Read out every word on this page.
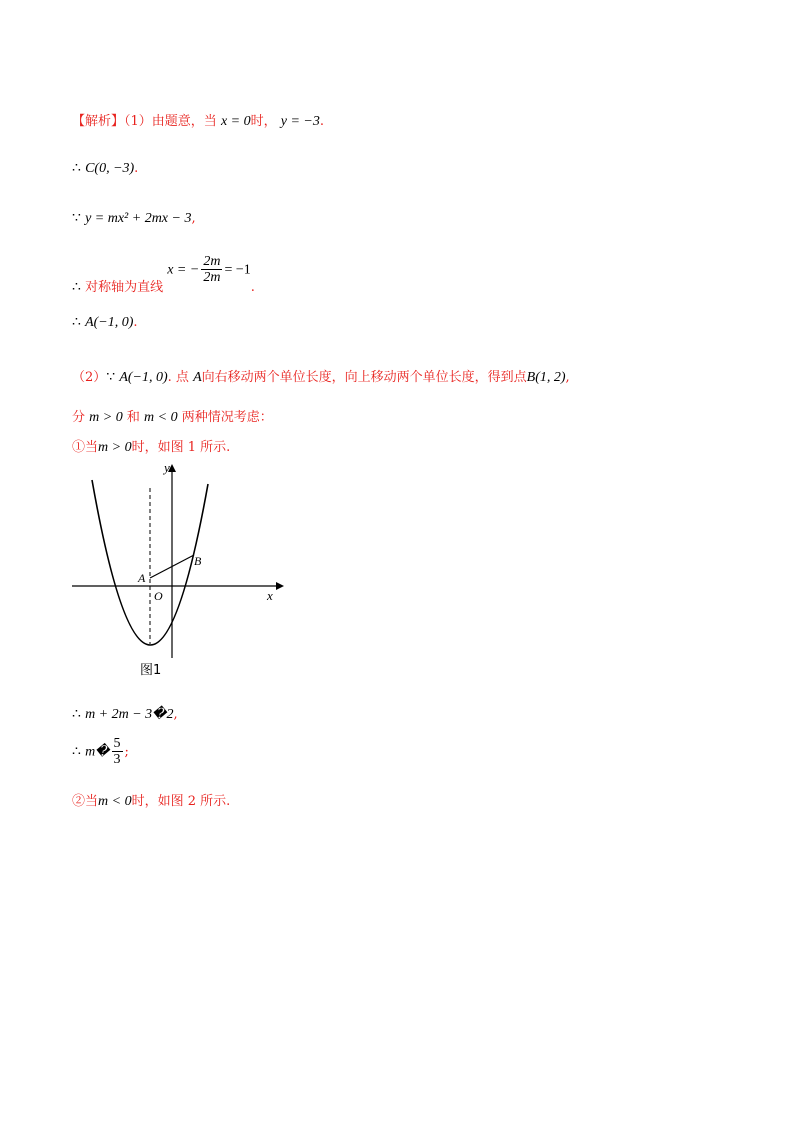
【解析】（1）由题意，当 x = 0时， y = −3.
∴ C(0, −3).
∵ y = mx² + 2mx − 3,
∴ 对称轴为直线 x = − $\frac{2m}{2m} = -1$.
∴ A(−1, 0).
（2）∵ A(−1, 0). 点 A向右移动两个单位长度，向上移动两个单位长度，得到点B(1, 2),
分 m > 0 和 m < 0 两种情况考虑：
①当m > 0时，如图 1 所示.
y
x
A
B
O
图1
∴ m + 2m − 3�2,
∴ m� $\frac{5}{3}$ ;
②当m < 0时，如图 2 所示.
